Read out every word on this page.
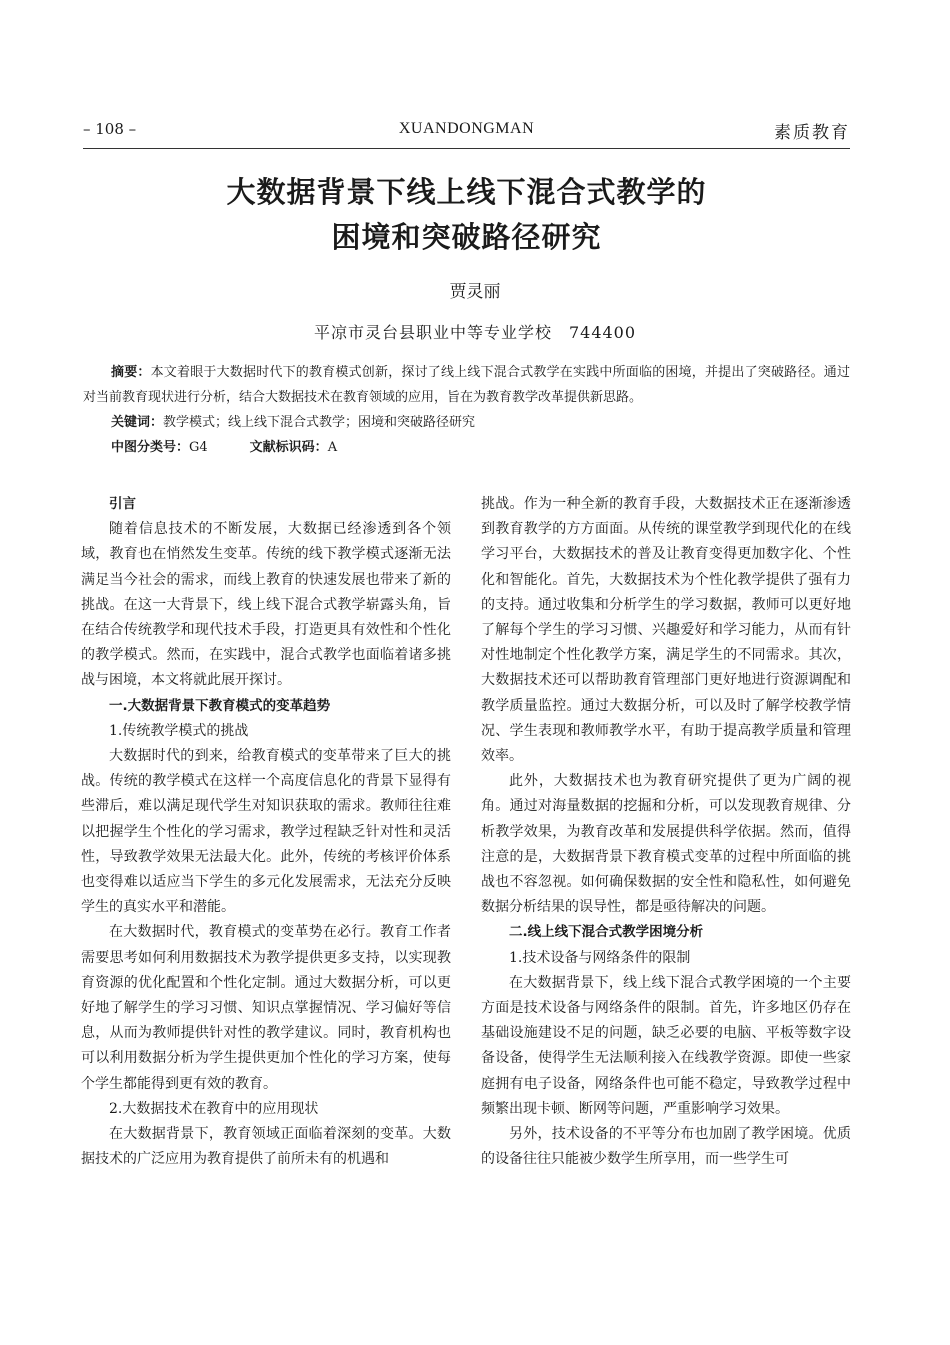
– 108 –	XUANDONGMAN	素质教育
大数据背景下线上线下混合式教学的
困境和突破路径研究
贾灵丽
平凉市灵台县职业中等专业学校　744400

摘要：本文着眼于大数据时代下的教育模式创新，探讨了线上线下混合式教学在实践中所面临的困境，并提出了突破路径。通过对当前教育现状进行分析，结合大数据技术在教育领域的应用，旨在为教育教学改革提供新思路。

关键词：教学模式；线上线下混合式教学；困境和突破路径研究
中图分类号：G4	文献标识码：A

引言

随着信息技术的不断发展，大数据已经渗透到各个领域，教育也在悄然发生变革。传统的线下教学模式逐渐无法满足当今社会的需求，而线上教育的快速发展也带来了新的挑战。在这一大背景下，线上线下混合式教学崭露头角，旨在结合传统教学和现代技术手段，打造更具有效性和个性化的教学模式。然而，在实践中，混合式教学也面临着诸多挑战与困境，本文将就此展开探讨。

一.大数据背景下教育模式的变革趋势

1.传统教学模式的挑战

大数据时代的到来，给教育模式的变革带来了巨大的挑战。传统的教学模式在这样一个高度信息化的背景下显得有些滞后，难以满足现代学生对知识获取的需求。教师往往难以把握学生个性化的学习需求，教学过程缺乏针对性和灵活性，导致教学效果无法最大化。此外，传统的考核评价体系也变得难以适应当下学生的多元化发展需求，无法充分反映学生的真实水平和潜能。

在大数据时代，教育模式的变革势在必行。教育工作者需要思考如何利用数据技术为教学提供更多支持，以实现教育资源的优化配置和个性化定制。通过大数据分析，可以更好地了解学生的学习习惯、知识点掌握情况、学习偏好等信息，从而为教师提供针对性的教学建议。同时，教育机构也可以利用数据分析为学生提供更加个性化的学习方案，使每个学生都能得到更有效的教育。

2.大数据技术在教育中的应用现状

在大数据背景下，教育领域正面临着深刻的变革。大数据技术的广泛应用为教育提供了前所未有的机遇和

挑战。作为一种全新的教育手段，大数据技术正在逐渐渗透到教育教学的方方面面。从传统的课堂教学到现代化的在线学习平台，大数据技术的普及让教育变得更加数字化、个性化和智能化。首先，大数据技术为个性化教学提供了强有力的支持。通过收集和分析学生的学习数据，教师可以更好地了解每个学生的学习习惯、兴趣爱好和学习能力，从而有针对性地制定个性化教学方案，满足学生的不同需求。其次，大数据技术还可以帮助教育管理部门更好地进行资源调配和教学质量监控。通过大数据分析，可以及时了解学校教学情况、学生表现和教师教学水平，有助于提高教学质量和管理效率。

此外，大数据技术也为教育研究提供了更为广阔的视角。通过对海量数据的挖掘和分析，可以发现教育规律、分析教学效果，为教育改革和发展提供科学依据。然而，值得注意的是，大数据背景下教育模式变革的过程中所面临的挑战也不容忽视。如何确保数据的安全性和隐私性，如何避免数据分析结果的误导性，都是亟待解决的问题。

二.线上线下混合式教学困境分析

1.技术设备与网络条件的限制

在大数据背景下，线上线下混合式教学困境的一个主要方面是技术设备与网络条件的限制。首先，许多地区仍存在基础设施建设不足的问题，缺乏必要的电脑、平板等数字设备设备，使得学生无法顺利接入在线教学资源。即使一些家庭拥有电子设备，网络条件也可能不稳定，导致教学过程中频繁出现卡顿、断网等问题，严重影响学习效果。

另外，技术设备的不平等分布也加剧了教学困境。优质的设备往往只能被少数学生所享用，而一些学生可
